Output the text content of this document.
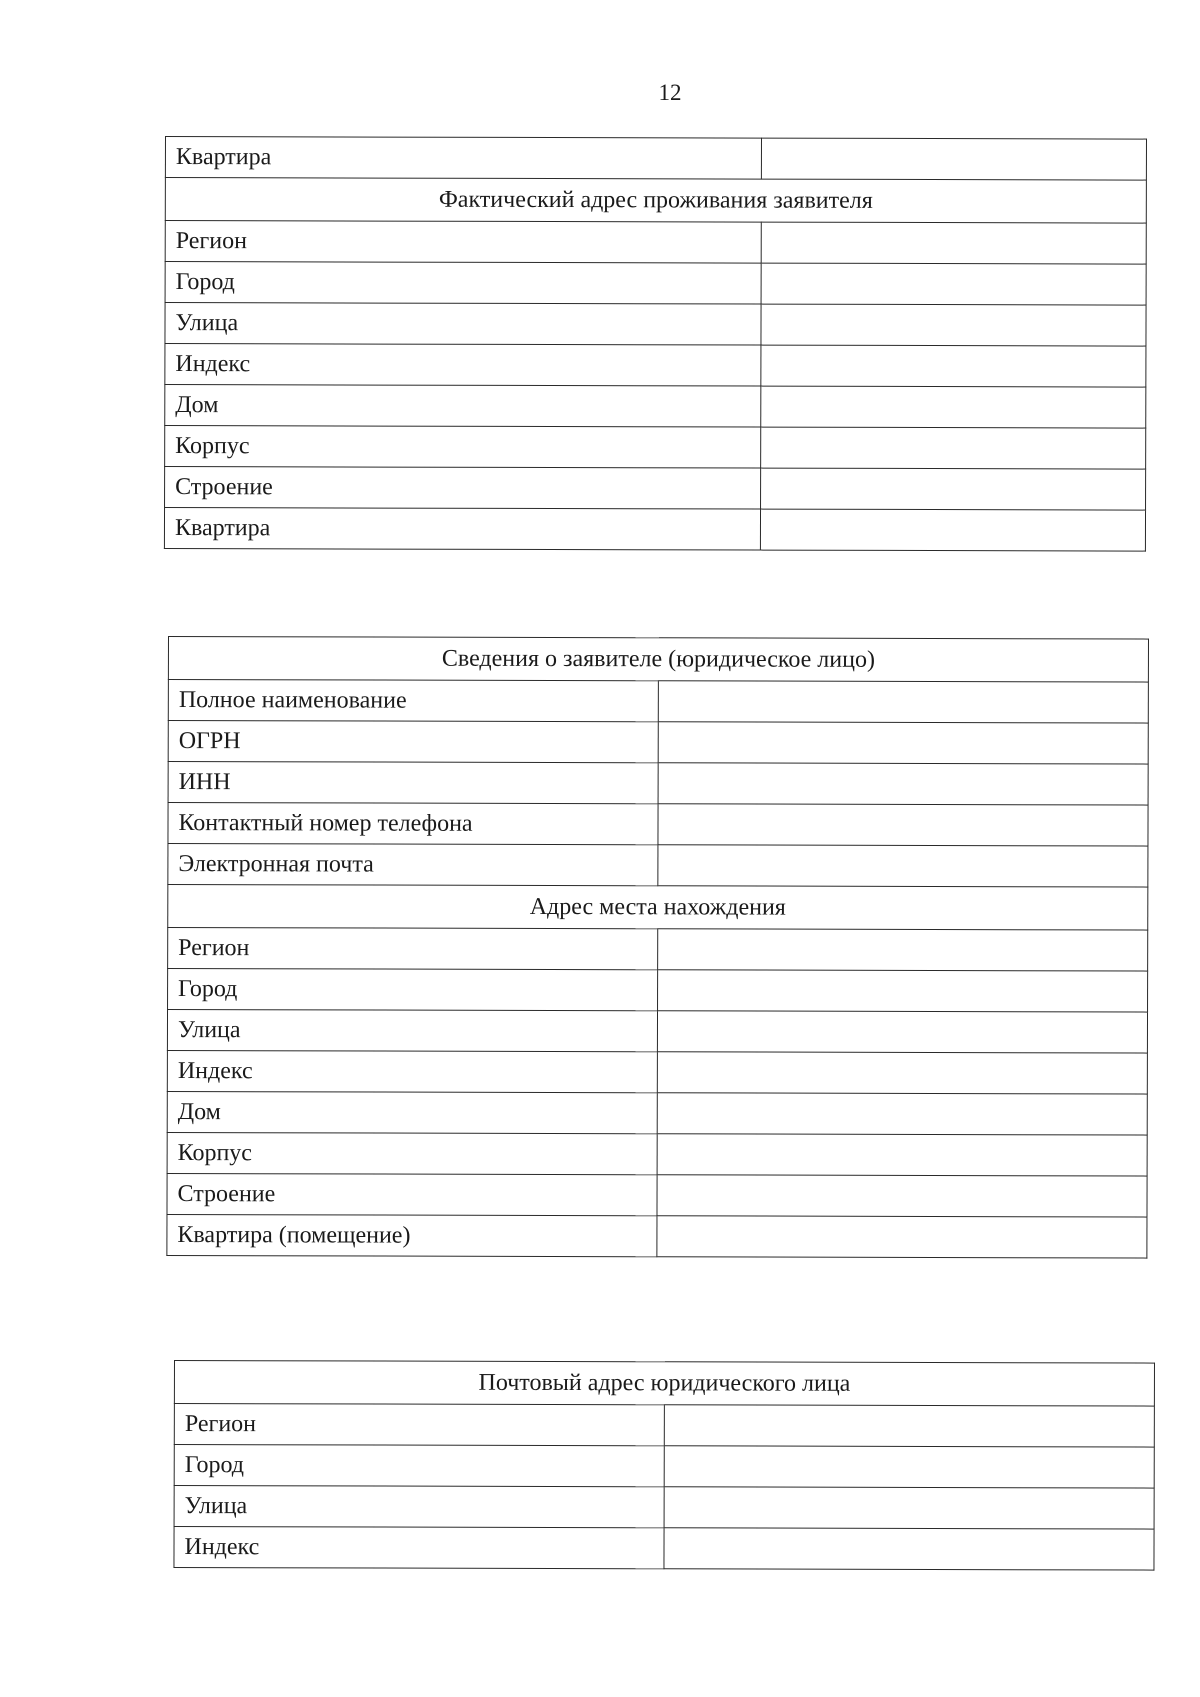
12
Квартира	
Фактический адрес проживания заявителя	
Регион	
Город	
Улица	
Индекс	
Дом	
Корпус	
Строение	
Квартира	
Сведения о заявителе (юридическое лицо)	
Полное наименование	
ОГРН	
ИНН	
Контактный номер телефона	
Электронная почта	
Адрес места нахождения	
Регион	
Город	
Улица	
Индекс	
Дом	
Корпус	
Строение	
Квартира (помещение)	
Почтовый адрес юридического лица	
Регион	
Город	
Улица	
Индекс	
